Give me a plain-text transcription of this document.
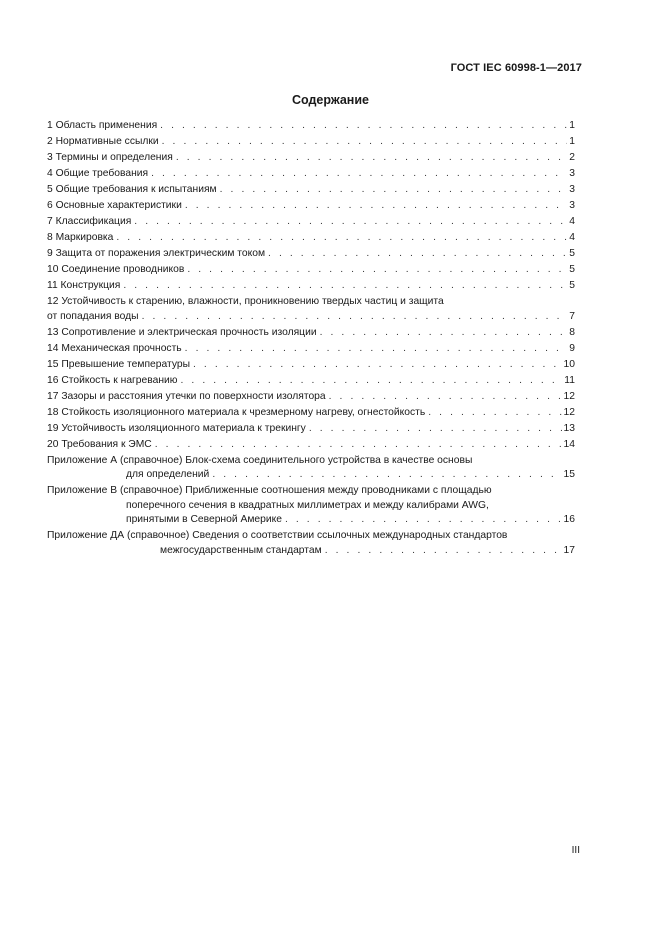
ГОСТ IEC 60998-1—2017
Содержание
1 Область применения . . .	1
2 Нормативные ссылки . . .	1
3 Термины и определения . . .	2
4 Общие требования . . .	3
5 Общие требования к испытаниям . . .	3
6 Основные характеристики . . .	3
7 Классификация . . .	4
8 Маркировка . . .	4
9 Защита от поражения электрическим током . . .	5
10 Соединение проводников . . .	5
11 Конструкция . . .	5
12 Устойчивость к старению, влажности, проникновению твердых частиц и защита
от попадания воды . . .	7
13 Сопротивление и электрическая прочность изоляции . . .	8
14 Механическая прочность . . .	9
15 Превышение температуры . . .	10
16 Стойкость к нагреванию . . .	11
17 Зазоры и расстояния утечки по поверхности изолятора . . .	12
18 Стойкость изоляционного материала к чрезмерному нагреву, огнестойкость . . .	12
19 Устойчивость изоляционного материала к трекингу . . .	13
20 Требования к ЭМС . . .	14
Приложение А (справочное) Блок-схема соединительного устройства в качестве основы
для определений . . .	15
Приложение В (справочное) Приближенные соотношения между проводниками с площадью
поперечного сечения в квадратных миллиметрах и между калибрами AWG,
принятыми в Северной Америке . . .	16
Приложение ДА (справочное) Сведения о соответствии ссылочных международных стандартов
межгосударственным стандартам . . .	17
III
